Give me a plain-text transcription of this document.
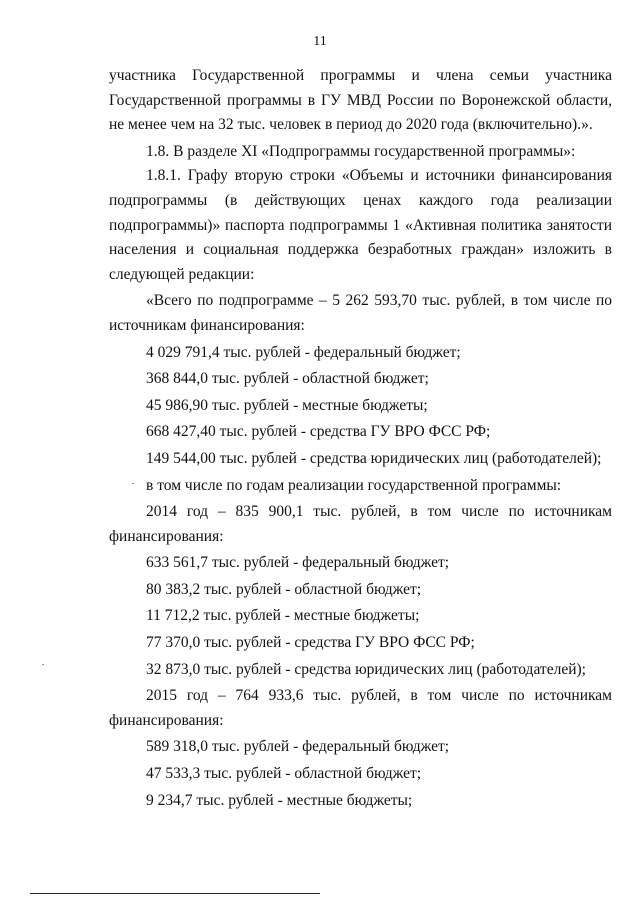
11

участника Государственной программы и члена семьи участника Государственной программы в ГУ МВД России по Воронежской области, не менее чем на 32 тыс. человек в период до 2020 года (включительно).».

1.8. В разделе XI «Подпрограммы государственной программы»:

1.8.1. Графу вторую строки «Объемы и источники финансирования подпрограммы (в действующих ценах каждого года реализации подпрограммы)» паспорта подпрограммы 1 «Активная политика занятости населения и социальная поддержка безработных граждан» изложить в следующей редакции:

«Всего по подпрограмме – 5 262 593,70 тыс. рублей, в том числе по источникам финансирования:

4 029 791,4 тыс. рублей - федеральный бюджет;

368 844,0 тыс. рублей - областной бюджет;

45 986,90 тыс. рублей - местные бюджеты;

668 427,40 тыс. рублей - средства ГУ ВРО ФСС РФ;

149 544,00 тыс. рублей - средства юридических лиц (работодателей);

в том числе по годам реализации государственной программы:

2014 год – 835 900,1 тыс. рублей, в том числе по источникам финансирования:

633 561,7 тыс. рублей - федеральный бюджет;

80 383,2 тыс. рублей - областной бюджет;

11 712,2 тыс. рублей - местные бюджеты;

77 370,0 тыс. рублей - средства ГУ ВРО ФСС РФ;

32 873,0 тыс. рублей - средства юридических лиц (работодателей);

2015 год – 764 933,6 тыс. рублей, в том числе по источникам финансирования:

589 318,0 тыс. рублей - федеральный бюджет;

47 533,3 тыс. рублей - областной бюджет;

9 234,7 тыс. рублей - местные бюджеты;
